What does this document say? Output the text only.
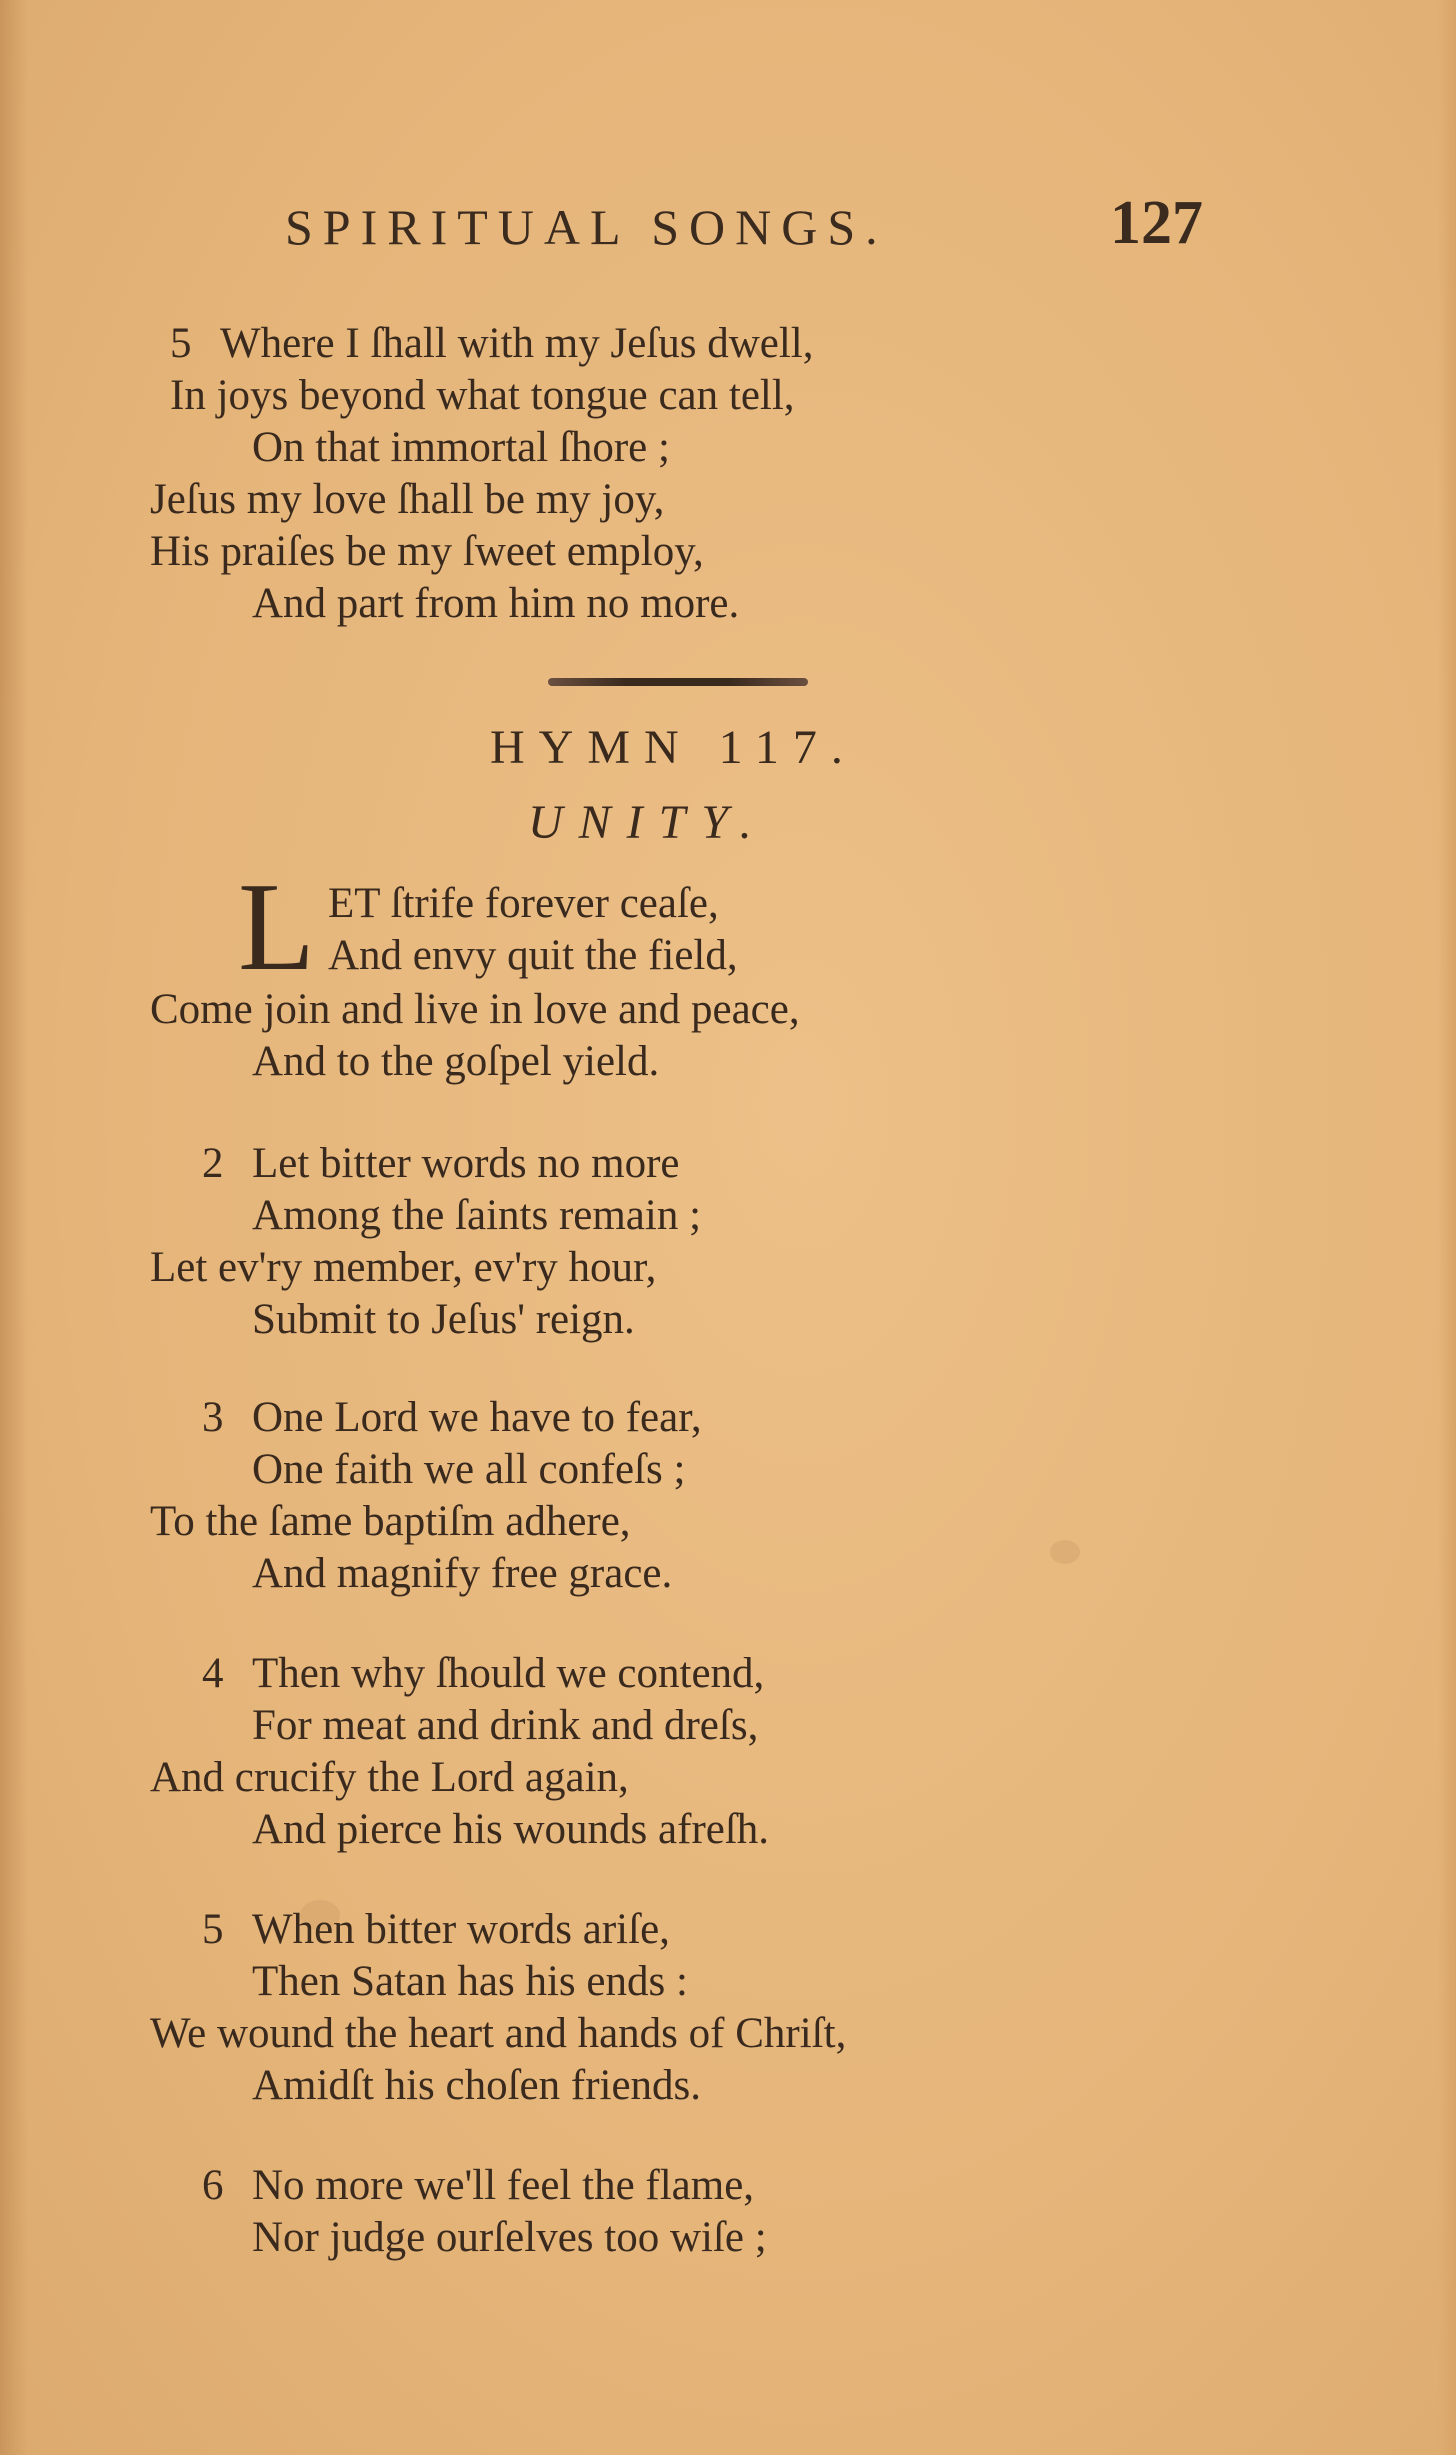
SPIRITUAL SONGS.	127
5 Where I ſhall with my Jeſus dwell,
In joys beyond what tongue can tell,
On that immortal ſhore ;
Jeſus my love ſhall be my joy,
His praiſes be my ſweet employ,
And part from him no more.
HYMN 117.
UNITY.
L ET ſtrife forever ceaſe,
And envy quit the field,
Come join and live in love and peace,
And to the goſpel yield.
2 Let bitter words no more
Among the ſaints remain ;
Let ev'ry member, ev'ry hour,
Submit to Jeſus' reign.
3 One Lord we have to fear,
One faith we all confeſs ;
To the ſame baptiſm adhere,
And magnify free grace.
4 Then why ſhould we contend,
For meat and drink and dreſs,
And crucify the Lord again,
And pierce his wounds afreſh.
5 When bitter words ariſe,
Then Satan has his ends :
We wound the heart and hands of Chriſt,
Amidſt his choſen friends.
6 No more we'll feel the flame,
Nor judge ourſelves too wiſe ;
